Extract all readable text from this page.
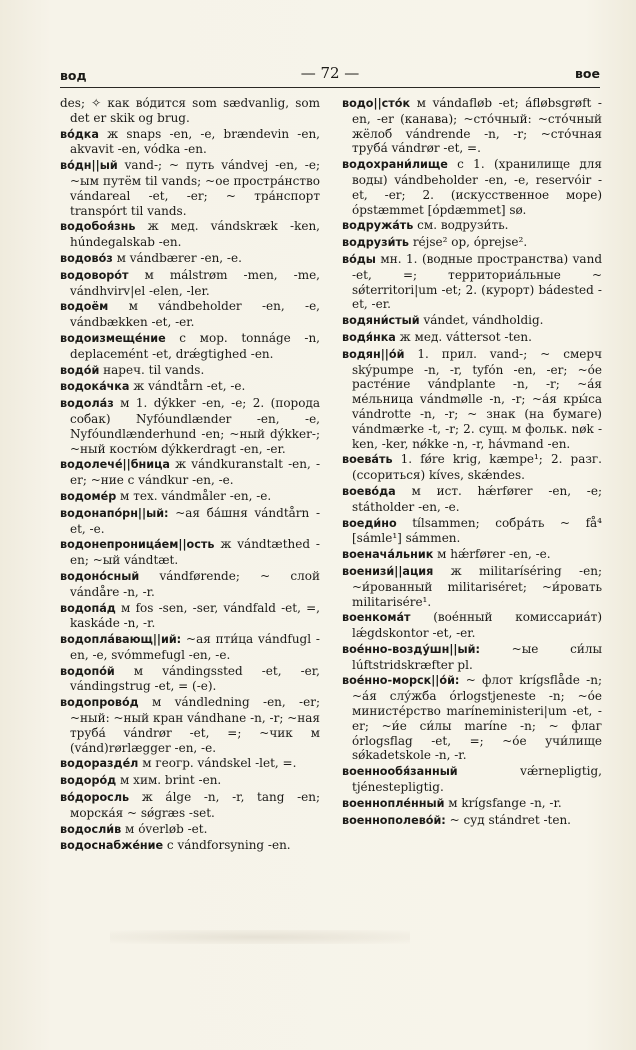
вод	— 72 —	вое

des; ✧ как во́дится som sædvanlig, som det er skik og brug.

во́дка ж snaps -en, -e, brændevin -en, akvavit -en, vódka -en.

во́дн||ый vand-; ~ путь vándvej -en, -e; ~ым путём til vands; ~ое простра́нство vándareal -et, -er; ~ тра́нспорт transpórt til vands.

водобоя́знь ж мед. vándskræk -ken, húndegalskab -en.

водово́з м vándbærer -en, -e.

водоворо́т м málstrøm -men, -me, vándhvirv|el -elen, -ler.

водоём м vándbeholder -en, -e, vándbækken -et, -er.

водоизмеще́ние с мор. tonnáge -n, deplacemént -et, drǽgtighed -en.

водо́й нареч. til vands.

водока́чка ж vándtårn -et, -e.

водола́з м 1. dýkker -en, -e; 2. (порода собак) Nyfóundlænder -en, -e, Nyfóundlænderhund -en; ~ный dýkker-; ~ный костю́м dýkkerdragt -en, -er.

водолече́||бница ж vándkuranstalt -en, -er; ~ние с vándkur -en, -e.

водоме́р м тех. vándmåler -en, -e.

водонапо́рн||ый: ~ая ба́шня vándtårn -et, -e.

водонепроница́ем||ость ж vándtæthed -en; ~ый vándtæt.

водоно́сный vándførende; ~ слой vándåre -n, -r.

водопа́д м fos -sen, -ser, vándfald -et, =, kaskáde -n, -r.

водоплáвающ||ий: ~ая пти́ца vándfugl -en, -e, svómmefugl -en, -e.

водопо́й м vándingssted -et, -er, vándingstrug -et, = (-e).

водопрово́д м vándledning -en, -er; ~ный: ~ный кран vándhane -n, -r; ~ная труба́ vándrør -et, =; ~чик м (vánd)rørlægger -en, -e.

водоразде́л м геогр. vándskel -let, =.

водоро́д м хим. brint -en.

во́доросль ж álge -n, -r, tang -en; морска́я ~ sǿgræs -set.

водосли́в м óverløb -et.

водоснабже́ние с vándforsyning -en.

водо||сто́к м vándafløb -et; áfløbsgrøft -en, -er (канава); ~сто́чный: ~сто́чный жёлоб vándrende -n, -r; ~сто́чная труба́ vándrør -et, =.

водохрани́лище с 1. (хранилище для воды) vándbeholder -en, -e, reservóir -et, -er; 2. (искусственное море) ópstæmmet [ópdæmmet] sø.

водружа́ть см. водрузи́ть.

водрузи́ть réjse² op, óprejse².

во́ды мн. 1. (водные пространства) vand -et, =; территориа́льные ~ sǿterritori|um -et; 2. (курорт) bádested -et, -er.

водяни́стый vándet, vándholdig.

водя́нка ж мед. váttersot -ten.

водян||о́й 1. прил. vand-; ~ смерч skýpumpe -n, -r, tyfón -en, -er; ~о́е расте́ние vándplante -n, -r; ~а́я ме́льница vándmølle -n, -r; ~а́я кры́са vándrotte -n, -r; ~ знак (на бумаге) vándmærke -t, -r; 2. сущ. м фольк. nøk -ken, -ker, nǿkke -n, -r, hávmand -en.

воева́ть 1. fǿre krig, kæmpe¹; 2. разг. (ссориться) kíves, skǽndes.

воево́да м ист. hǽrfører -en, -e; státholder -en, -e.

воеди́но tílsammen; собра́ть ~ få⁴ [sámle¹] sámmen.

военача́льник м hǽrfører -en, -e.

военизи́||ация ж militaríséring -en; ~и́рованный militariséret; ~и́ровать militarisére¹.

военкома́т (вое́нный комиссариа́т) lǽgdskontor -et, -er.

вое́нно-возду́шн||ый: ~ые си́лы lúftstridskræfter pl.

вое́нно-морск||о́й: ~ флот krígsflåde -n; ~а́я слу́жба órlogstjeneste -n; ~о́е министе́рство maríneministeri|um -et, -er; ~и́е си́лы maríne -n; ~ флаг órlogsflag -et, =; ~о́е учи́лище sǿkadetskole -n, -r.

военнообя́занный vǽrnepligtig, tjénestepligtig.

военнопле́нный м krígsfange -n, -r.

военнополево́й: ~ суд stándret -ten.
